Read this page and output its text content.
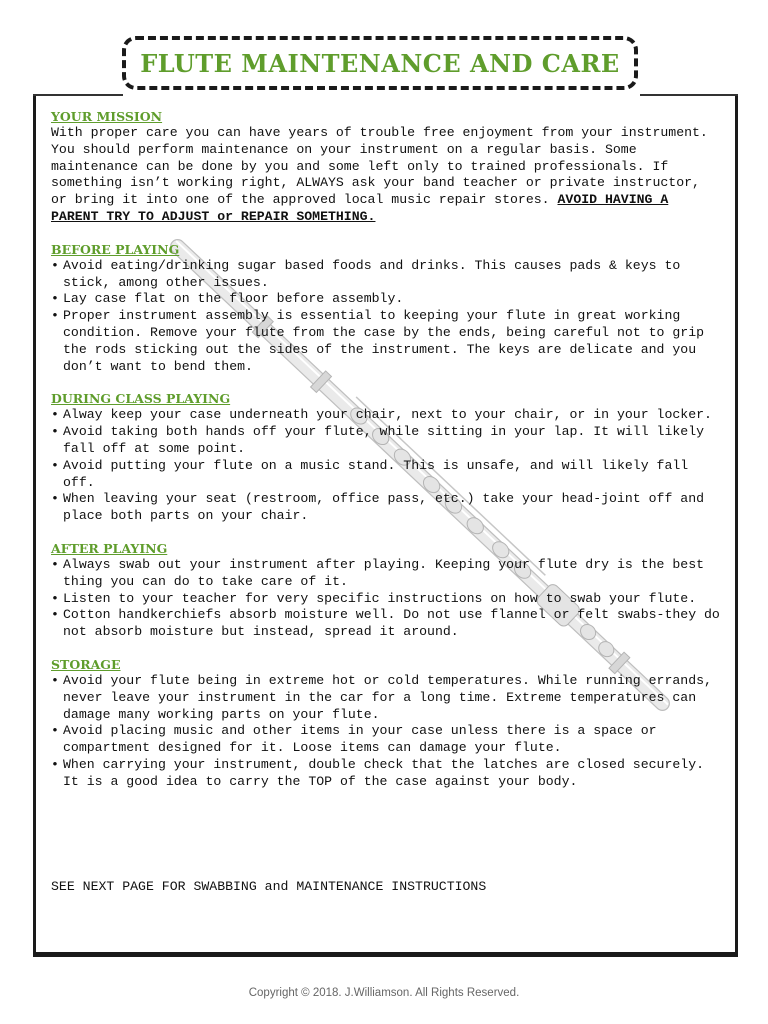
FLUTE MAINTENANCE AND CARE
YOUR MISSION

With proper care you can have years of trouble free enjoyment from your instrument. You should perform maintenance on your instrument on a regular basis. Some maintenance can be done by you and some left only to trained professionals. If something isn’t working right, ALWAYS ask your band teacher or private instructor, or bring it into one of the approved local music repair stores. AVOID HAVING A PARENT TRY TO ADJUST or REPAIR SOMETHING.

BEFORE PLAYING
• Avoid eating/drinking sugar based foods and drinks. This causes pads & keys to stick, among other issues.
• Lay case flat on the floor before assembly.
• Proper instrument assembly is essential to keeping your flute in great working condition. Remove your flute from the case by the ends, being careful not to grip the rods sticking out the sides of the instrument. The keys are delicate and you don’t want to bend them.
DURING CLASS PLAYING
• Alway keep your case underneath your chair, next to your chair, or in your locker.
• Avoid taking both hands off your flute, while sitting in your lap. It will likely fall off at some point.
• Avoid putting your flute on a music stand. This is unsafe, and will likely fall off.
• When leaving your seat (restroom, office pass, etc.) take your head-joint off and place both parts on your chair.
AFTER PLAYING
• Always swab out your instrument after playing. Keeping your flute dry is the best thing you can do to take care of it.
• Listen to your teacher for very specific instructions on how to swab your flute.
• Cotton handkerchiefs absorb moisture well. Do not use flannel or felt swabs-they do not absorb moisture but instead, spread it around.
STORAGE
• Avoid your flute being in extreme hot or cold temperatures. While running errands, never leave your instrument in the car for a long time. Extreme temperatures can damage many working parts on your flute.
• Avoid placing music and other items in your case unless there is a space or compartment designed for it. Loose items can damage your flute.
• When carrying your instrument, double check that the latches are closed securely. It is a good idea to carry the TOP of the case against your body.
SEE NEXT PAGE FOR SWABBING and MAINTENANCE INSTRUCTIONS
Copyright © 2018. J.Williamson. All Rights Reserved.
